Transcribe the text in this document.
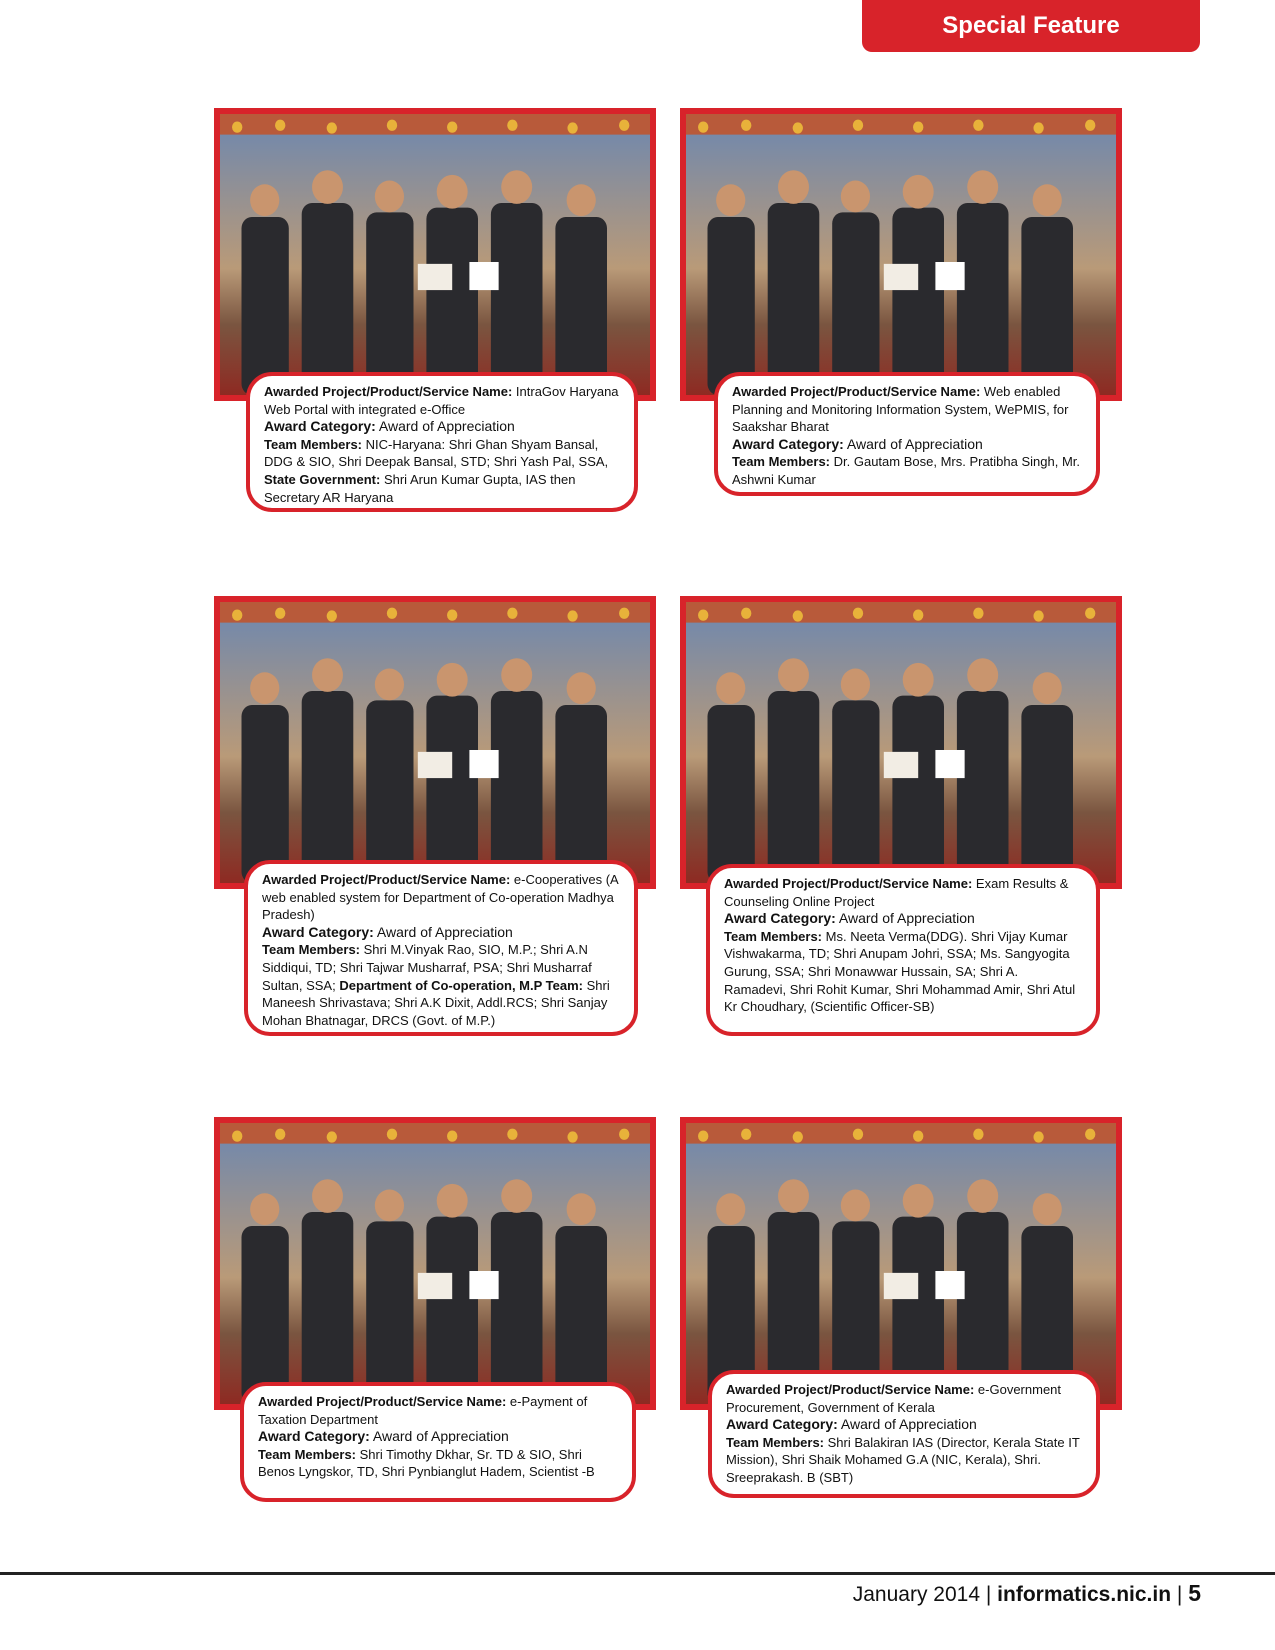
Special Feature

Awarded Project/Product/Service Name: IntraGov Haryana Web Portal with integrated e-Office

Award Category: Award of Appreciation

Team Members: NIC-Haryana: Shri Ghan Shyam Bansal, DDG & SIO, Shri Deepak Bansal, STD; Shri Yash Pal, SSA, State Government: Shri Arun Kumar Gupta, IAS then Secretary AR Haryana

Awarded Project/Product/Service Name: Web enabled Planning and Monitoring Information System, WePMIS, for Saakshar Bharat

Award Category: Award of Appreciation

Team Members: Dr. Gautam Bose, Mrs. Pratibha Singh, Mr. Ashwni Kumar

Awarded Project/Product/Service Name: e-Cooperatives (A web enabled system for Department of Co-operation Madhya Pradesh)

Award Category: Award of Appreciation

Team Members: Shri M.Vinyak Rao, SIO, M.P.; Shri A.N Siddiqui, TD; Shri Tajwar Musharraf, PSA; Shri Musharraf Sultan, SSA; Department of Co-operation, M.P Team: Shri Maneesh Shrivastava; Shri A.K Dixit, Addl.RCS; Shri Sanjay Mohan Bhatnagar, DRCS (Govt. of M.P.)

Awarded Project/Product/Service Name: Exam Results & Counseling Online Project

Award Category: Award of Appreciation

Team Members: Ms. Neeta Verma(DDG). Shri Vijay Kumar Vishwakarma, TD; Shri Anupam Johri, SSA; Ms. Sangyogita Gurung, SSA; Shri Monawwar Hussain, SA; Shri A. Ramadevi, Shri Rohit Kumar, Shri Mohammad Amir, Shri Atul Kr Choudhary, (Scientific Officer-SB)

Awarded Project/Product/Service Name: e-Payment of Taxation Department

Award Category: Award of Appreciation

Team Members: Shri Timothy Dkhar, Sr. TD & SIO, Shri Benos Lyngskor, TD, Shri Pynbianglut Hadem, Scientist -B

Awarded Project/Product/Service Name: e-Government Procurement, Government of Kerala

Award Category: Award of Appreciation

Team Members: Shri Balakiran IAS (Director, Kerala State IT Mission), Shri Shaik Mohamed G.A (NIC, Kerala), Shri. Sreeprakash. B (SBT)

January 2014 | informatics.nic.in | 5
